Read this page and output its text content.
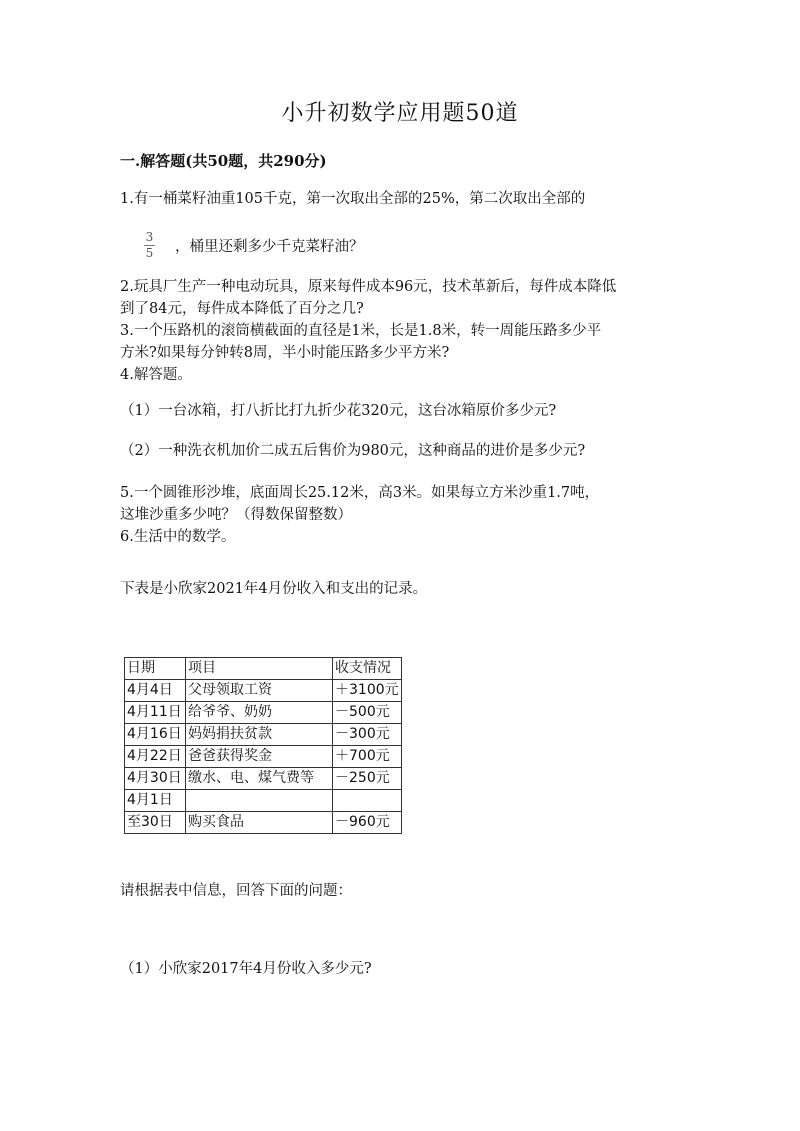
小升初数学应用题50道
一.解答题(共50题，共290分)
1.有一桶菜籽油重105千克，第一次取出全部的25%，第二次取出全部的
3
5 ，桶里还剩多少千克菜籽油？
2.玩具厂生产一种电动玩具，原来每件成本96元，技术革新后，每件成本降低
到了84元，每件成本降低了百分之几?
3.一个压路机的滚筒横截面的直径是1米，长是1.8米，转一周能压路多少平
方米?如果每分钟转8周，半小时能压路多少平方米?
4.解答题。
（1）一台冰箱，打八折比打九折少花320元，这台冰箱原价多少元?
（2）一种洗衣机加价二成五后售价为980元，这种商品的进价是多少元?
5.一个圆锥形沙堆，底面周长25.12米，高3米。如果每立方米沙重1.7吨，
这堆沙重多少吨？（得数保留整数）
6.生活中的数学。
下表是小欣家2021年4月份收入和支出的记录。
日期	项目	收支情况
4月4日	父母领取工资	＋3100元
4月11日	给爷爷、奶奶	－500元
4月16日	妈妈捐扶贫款	－300元
4月22日	爸爸获得奖金	＋700元
4月30日	缴水、电、煤气费等	－250元
4月1日		
至30日	购买食品	－960元
请根据表中信息，回答下面的问题：
（1）小欣家2017年4月份收入多少元?
